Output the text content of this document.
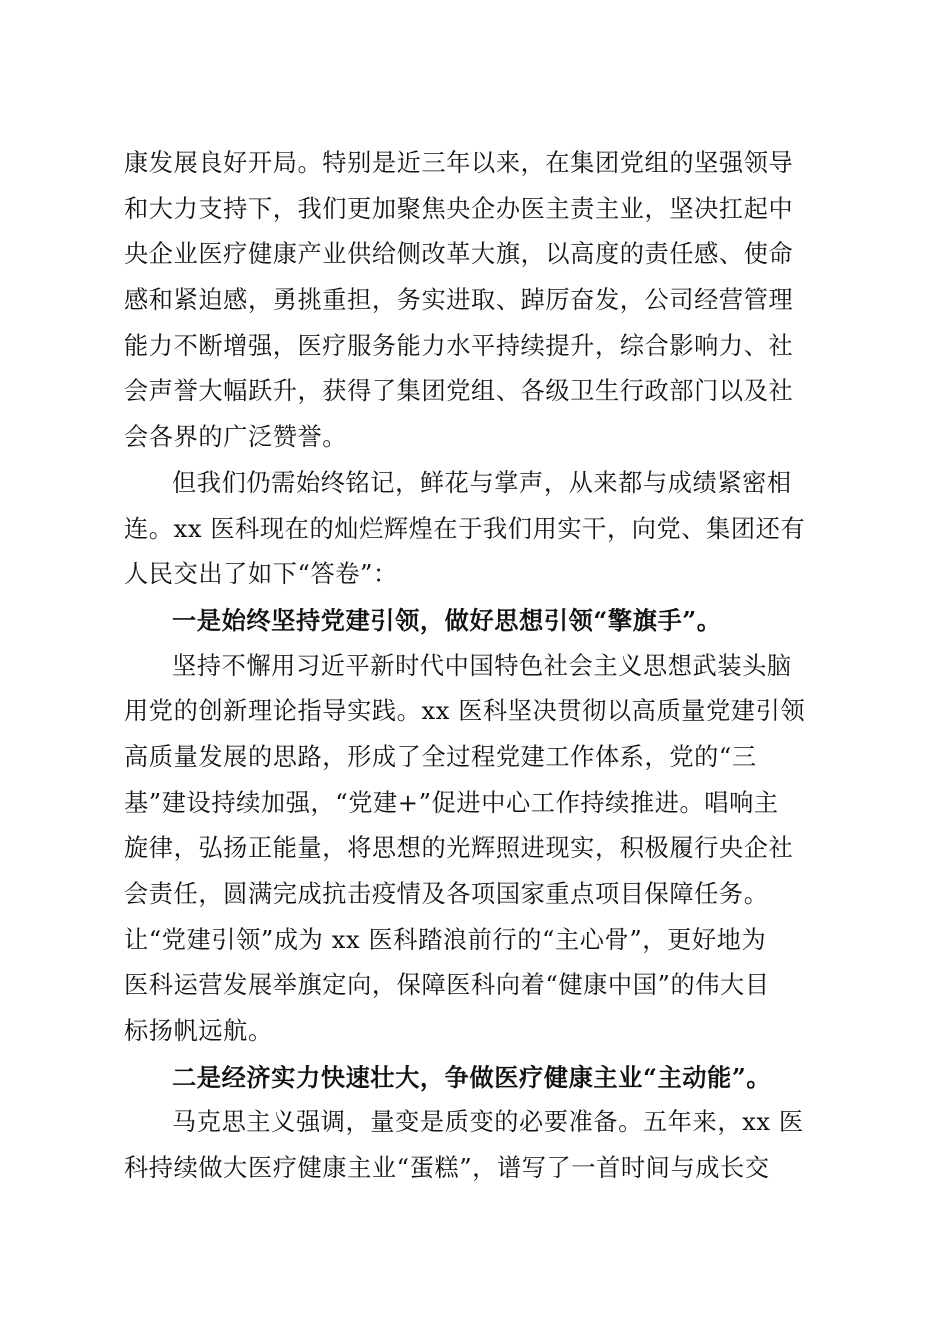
康发展良好开局。特别是近三年以来，在集团党组的坚强领导
和大力支持下，我们更加聚焦央企办医主责主业，坚决扛起中
央企业医疗健康产业供给侧改革大旗，以高度的责任感、使命
感和紧迫感，勇挑重担，务实进取、踔厉奋发，公司经营管理
能力不断增强，医疗服务能力水平持续提升，综合影响力、社
会声誉大幅跃升，获得了集团党组、各级卫生行政部门以及社
会各界的广泛赞誉。
但我们仍需始终铭记，鲜花与掌声，从来都与成绩紧密相
连。xx 医科现在的灿烂辉煌在于我们用实干，向党、集团还有
人民交出了如下“答卷”：
一是始终坚持党建引领，做好思想引领“擎旗手”。
坚持不懈用习近平新时代中国特色社会主义思想武装头脑
用党的创新理论指导实践。xx 医科坚决贯彻以高质量党建引领
高质量发展的思路，形成了全过程党建工作体系，党的“三
基”建设持续加强，“党建+”促进中心工作持续推进。唱响主
旋律，弘扬正能量，将思想的光辉照进现实，积极履行央企社
会责任，圆满完成抗击疫情及各项国家重点项目保障任务。
让“党建引领”成为 xx 医科踏浪前行的“主心骨”，更好地为
医科运营发展举旗定向，保障医科向着“健康中国”的伟大目
标扬帆远航。
二是经济实力快速壮大，争做医疗健康主业“主动能”。
马克思主义强调，量变是质变的必要准备。五年来，xx 医
科持续做大医疗健康主业“蛋糕”，谱写了一首时间与成长交
